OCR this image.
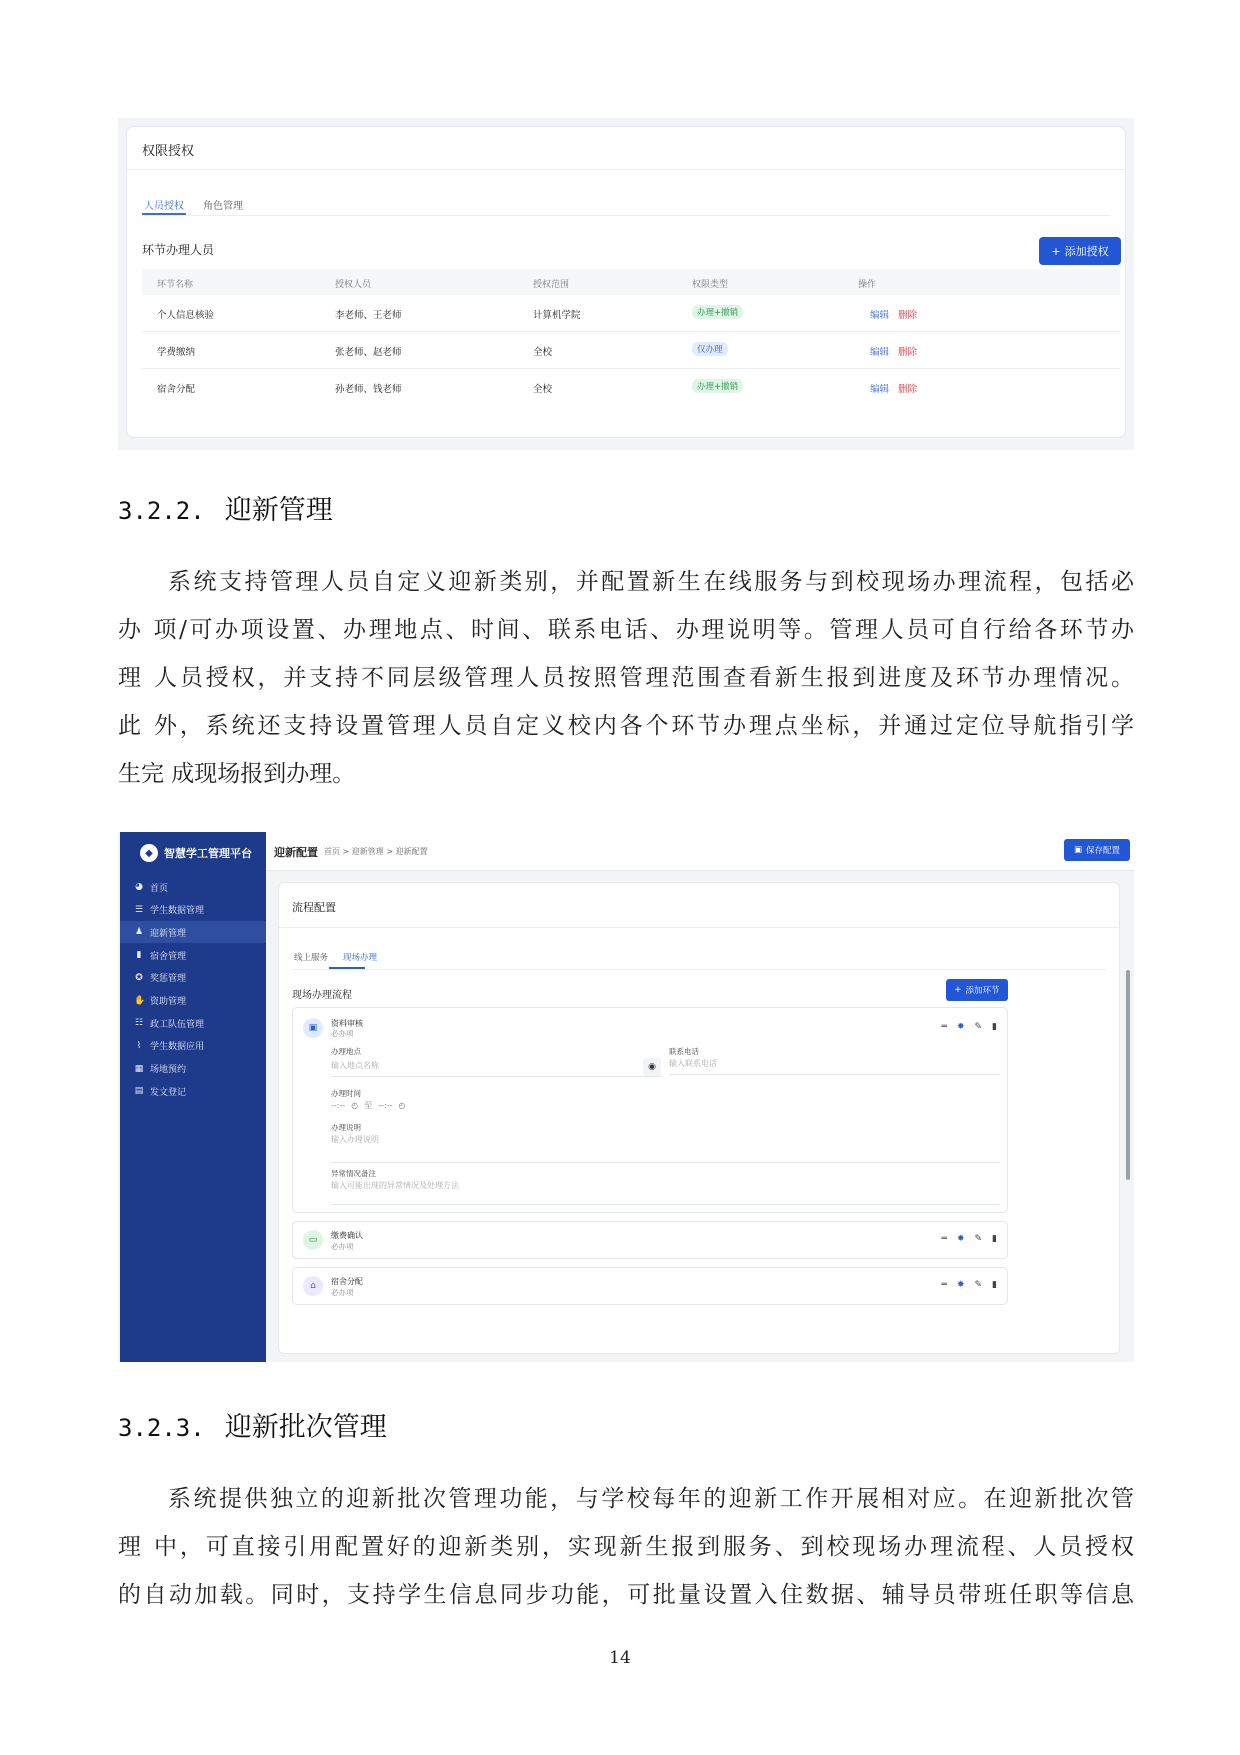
权限授权
人员授权 角色管理
环节办理人员	+ 添加授权
环节名称	授权人员	授权范围	权限类型	操作
个人信息核验	李老师、王老师	计算机学院	办理+撤销	编辑 删除
学费缴纳	张老师、赵老师	全校	仅办理	编辑 删除
宿舍分配	孙老师、钱老师	全校	办理+撤销	编辑 删除
3.2.2. 迎新管理
系统支持管理人员自定义迎新类别，并配置新生在线服务与到校现场办理流程，包括必
办 项/可办项设置、办理地点、时间、联系电话、办理说明等。管理人员可自行给各环节办
理 人员授权，并支持不同层级管理人员按照管理范围查看新生报到进度及环节办理情况。
此 外，系统还支持设置管理人员自定义校内各个环节办理点坐标，并通过定位导航指引学
生完 成现场报到办理。
◆	智慧学工管理平台
◕ 首页
☰ 学生数据管理
♟ 迎新管理
▮ 宿舍管理
✪ 奖惩管理
✋ 资助管理
☷ 政工队伍管理
⌇ 学生数据应用
▦ 场地预约
▤ 发文登记
迎新配置 首页 > 迎新管理 > 迎新配置	▣ 保存配置
流程配置
线上服务 现场办理
现场办理流程	+ 添加环节
▣	资料审核
必办项
═ ✸ ✎ ▮
办理地点
输入地点名称	◉
联系电话
输入联系电话
办理时间
--:-- ◴ 至 --:-- ◴
办理说明
输入办理说明
异常情况备注
输入可能出现的异常情况及处理方法
▭	缴费确认
必办项
═ ✸ ✎ ▮
⌂	宿舍分配
必办项
═ ✸ ✎ ▮
3.2.3. 迎新批次管理
系统提供独立的迎新批次管理功能，与学校每年的迎新工作开展相对应。在迎新批次管
理 中，可直接引用配置好的迎新类别，实现新生报到服务、到校现场办理流程、人员授权
的自动加载。同时，支持学生信息同步功能，可批量设置入住数据、辅导员带班任职等信息
14
